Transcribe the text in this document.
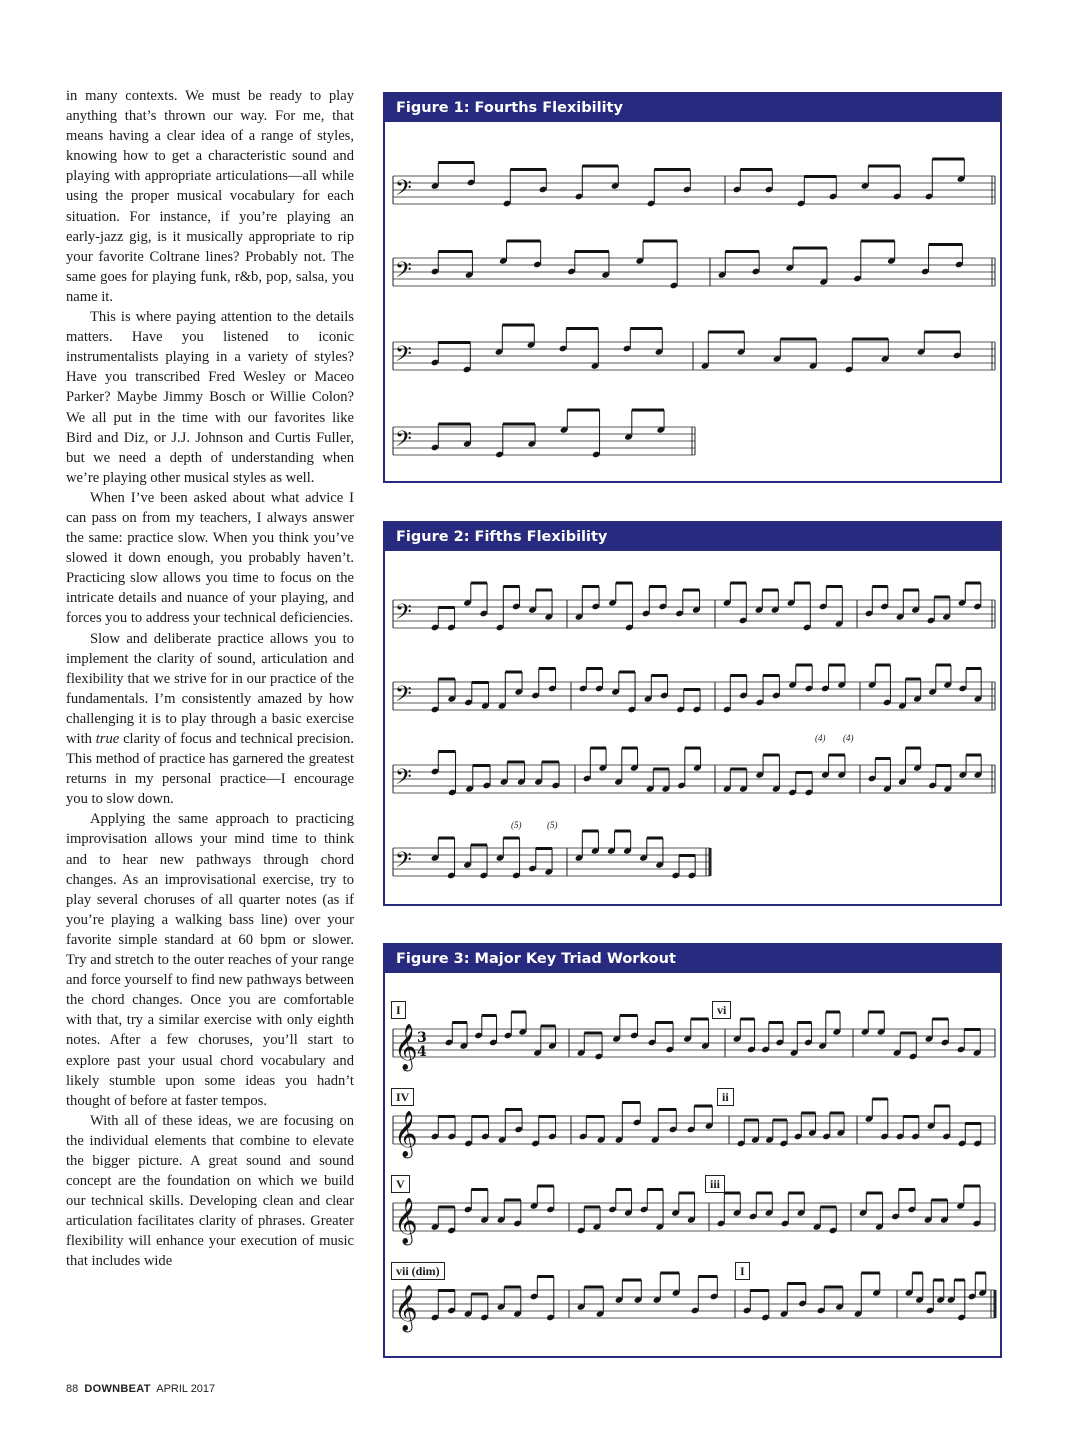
in many contexts. We must be ready to play anything that’s thrown our way. For me, that means having a clear idea of a range of styles, knowing how to get a characteristic sound and playing with appropriate articulations—all while using the proper musical vocabulary for each situation. For instance, if you’re playing an early-jazz gig, is it musically appropriate to rip your favorite Coltrane lines? Probably not. The same goes for playing funk, r&b, pop, salsa, you name it.

This is where paying attention to the details matters. Have you listened to iconic instrumentalists playing in a variety of styles? Have you transcribed Fred Wesley or Maceo Parker? Maybe Jimmy Bosch or Willie Colon? We all put in the time with our favorites like Bird and Diz, or J.J. Johnson and Curtis Fuller, but we need a depth of understanding when we’re playing other musical styles as well.

When I’ve been asked about what advice I can pass on from my teachers, I always answer the same: practice slow. When you think you’ve slowed it down enough, you probably haven’t. Practicing slow allows you time to focus on the intricate details and nuance of your playing, and forces you to address your technical deficiencies.

Slow and deliberate practice allows you to implement the clarity of sound, articulation and flexibility that we strive for in our practice of the fundamentals. I’m consistently amazed by how challenging it is to play through a basic exercise with true clarity of focus and technical precision. This method of practice has garnered the greatest returns in my personal practice—I encourage you to slow down.

Applying the same approach to practicing improvisation allows your mind time to think and to hear new pathways through chord changes. As an improvisational exercise, try to play several choruses of all quarter notes (as if you’re playing a walking bass line) over your favorite simple standard at 60 bpm or slower. Try and stretch to the outer reaches of your range and force yourself to find new pathways between the chord changes. Once you are comfortable with that, try a similar exercise with only eighth notes. After a few choruses, you’ll start to explore past your usual chord vocabulary and likely stumble upon some ideas you hadn’t thought of before at faster tempos.

With all of these ideas, we are focusing on the individual elements that combine to elevate the bigger picture. A great sound and sound concept are the foundation on which we build our technical skills. Developing clean and clear articulation facilitates clarity of phrases. Greater flexibility will enhance your execution of music that includes wide

Figure 1: Fourths Flexibility
𝄢
𝄢
𝄢
𝄢
Figure 2: Fifths Flexibility
(4) (4)
(5)	(5)
𝄢
𝄢
𝄢
𝄢
Figure 3: Major Key Triad Workout
𝄞 3
4
𝄞
𝄞
𝄞
I	vi
IV	ii
V	iii
vii (dim)	I
88 DOWNBEAT APRIL 2017
